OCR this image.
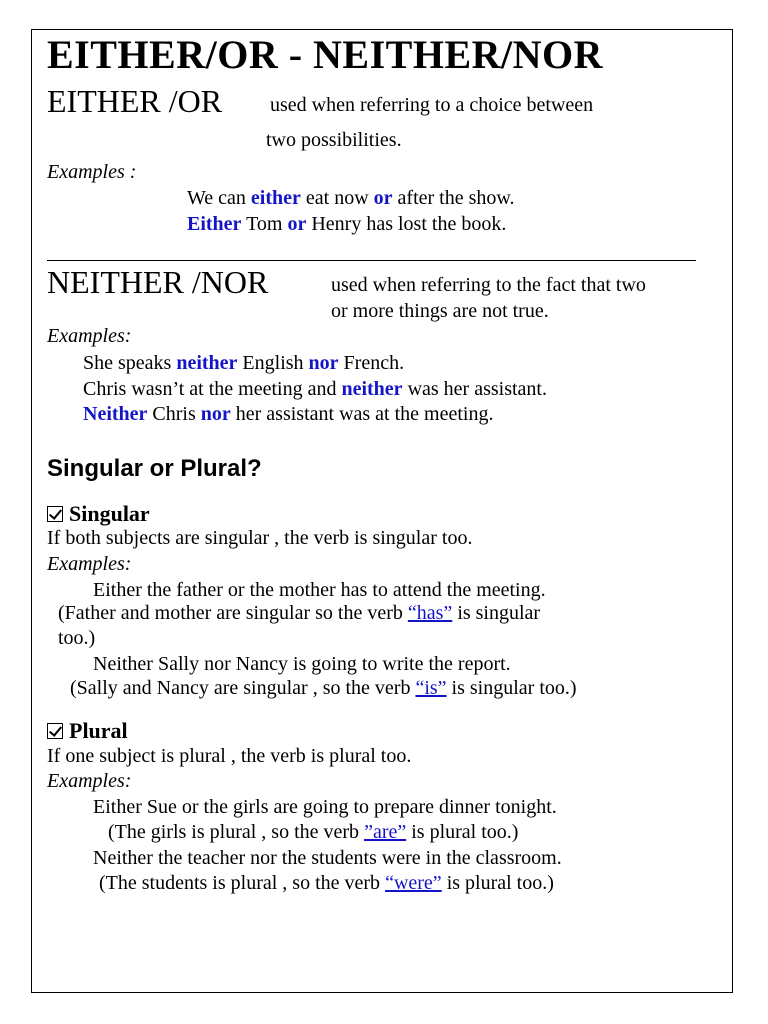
EITHER/OR - NEITHER/NOR
EITHER /OR used when referring to a choice between
two possibilities.
Examples :
We can either eat now or after the show.
Either Tom or Henry has lost the book.
NEITHER /NOR	used when referring to the fact that two
or more things are not true.
Examples:
She speaks neither English nor French.
Chris wasn’t at the meeting and neither was her assistant.
Neither Chris nor her assistant was at the meeting.
Singular or Plural?
Singular
If both subjects are singular , the verb is singular too.
Examples:
Either the father or the mother has to attend the meeting.
(Father and mother are singular so the verb “has” is singular
too.)
Neither Sally nor Nancy is going to write the report.
(Sally and Nancy are singular , so the verb “is” is singular too.)
Plural
If one subject is plural , the verb is plural too.
Examples:
Either Sue or the girls are going to prepare dinner tonight.
(The girls is plural , so the verb ”are” is plural too.)
Neither the teacher nor the students were in the classroom.
(The students is plural , so the verb “were” is plural too.)
